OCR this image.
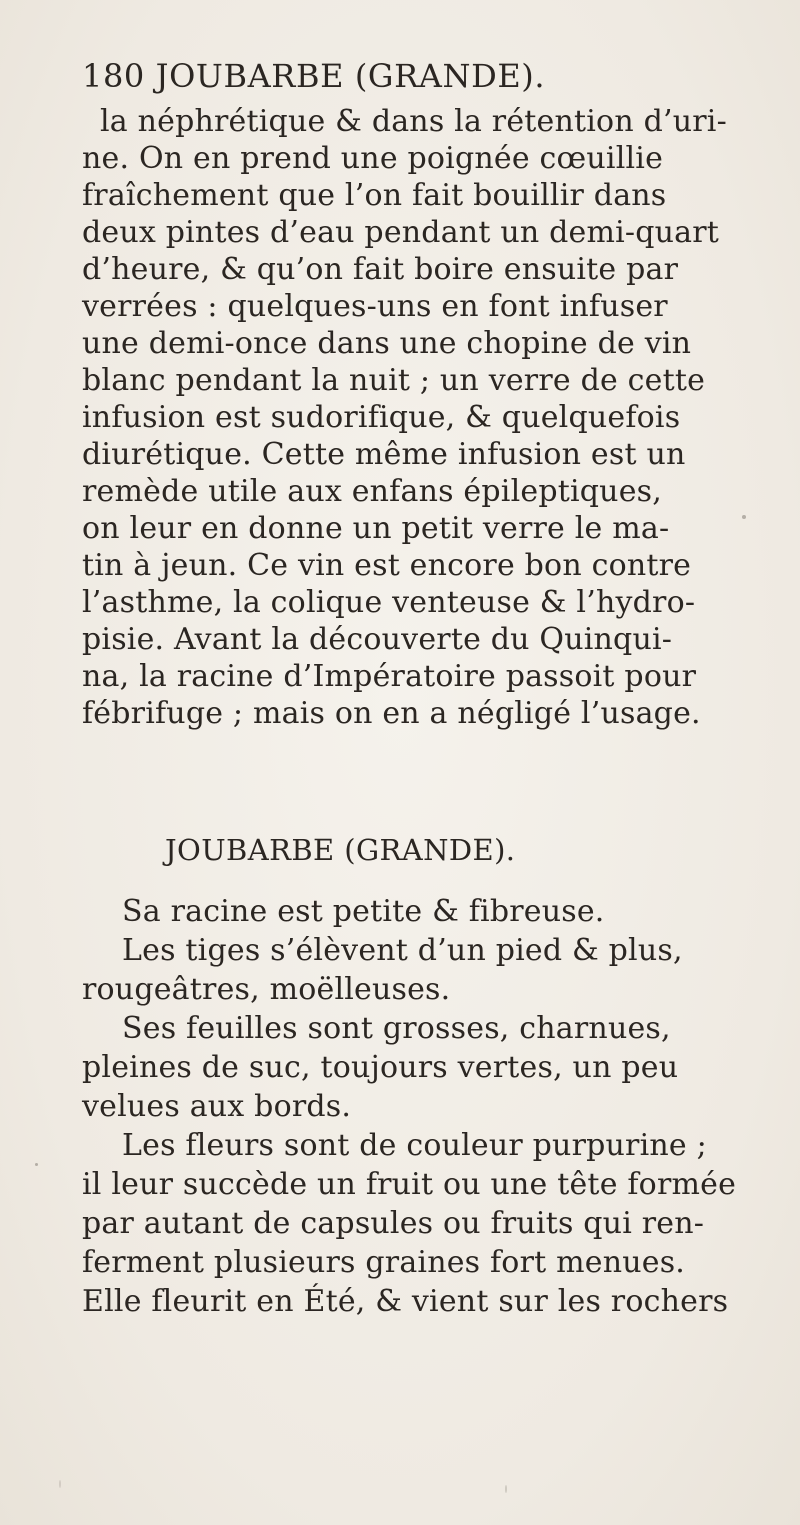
180 JOUBARBE (GRANDE).
la néphrétique & dans la rétention d’uri-
ne. On en prend une poignée cœuillie
fraîchement que l’on fait bouillir dans
deux pintes d’eau pendant un demi-quart
d’heure, & qu’on fait boire ensuite par
verrées : quelques-uns en font infuser
une demi-once dans une chopine de vin
blanc pendant la nuit ; un verre de cette
infusion est sudorifique, & quelquefois
diurétique. Cette même infusion est un
remède utile aux enfans épileptiques,
on leur en donne un petit verre le ma-
tin à jeun. Ce vin est encore bon contre
l’asthme, la colique venteuse & l’hydro-
pisie. Avant la découverte du Quinqui-
na, la racine d’Impératoire passoit pour
fébrifuge ; mais on en a négligé l’usage.
JOUBARBE (GRANDE).
Sa racine est petite & fibreuse.
Les tiges s’élèvent d’un pied & plus,
rougeâtres, moëlleuses.
Ses feuilles sont grosses, charnues,
pleines de suc, toujours vertes, un peu
velues aux bords.
Les fleurs sont de couleur purpurine ;
il leur succède un fruit ou une tête formée
par autant de capsules ou fruits qui ren-
ferment plusieurs graines fort menues.
Elle fleurit en Été, & vient sur les rochers
